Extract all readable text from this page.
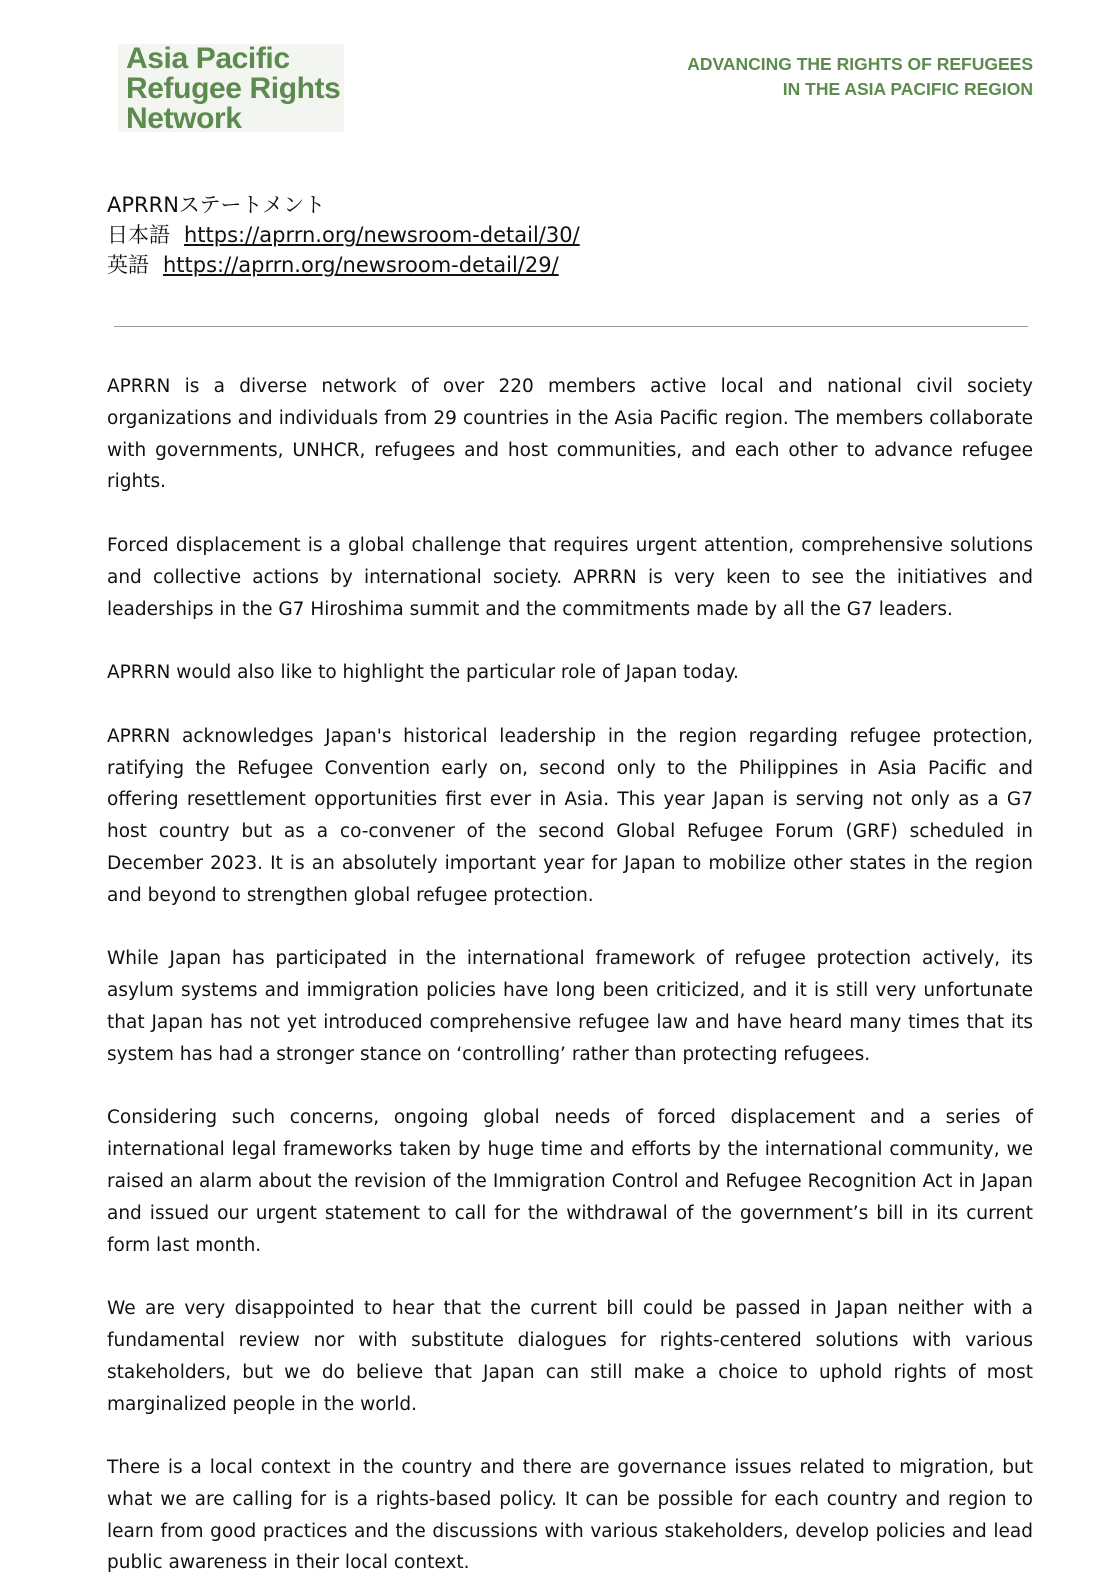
Asia Pacific
Refugee Rights
Network
ADVANCING THE RIGHTS OF REFUGEES
IN THE ASIA PACIFIC REGION
APRRNステートメント
日本語 https://aprrn.org/newsroom-detail/30/
英語 https://aprrn.org/newsroom-detail/29/

APRRN is a diverse network of over 220 members active local and national civil society organizations and individuals from 29 countries in the Asia Pacific region. The members collaborate with governments, UNHCR, refugees and host communities, and each other to advance refugee rights.

Forced displacement is a global challenge that requires urgent attention, comprehensive solutions and collective actions by international society. APRRN is very keen to see the initiatives and leaderships in the G7 Hiroshima summit and the commitments made by all the G7 leaders.

APRRN would also like to highlight the particular role of Japan today.

APRRN acknowledges Japan's historical leadership in the region regarding refugee protection, ratifying the Refugee Convention early on, second only to the Philippines in Asia Pacific and offering resettlement opportunities first ever in Asia. This year Japan is serving not only as a G7 host country but as a co-convener of the second Global Refugee Forum (GRF) scheduled in December 2023. It is an absolutely important year for Japan to mobilize other states in the region and beyond to strengthen global refugee protection.

While Japan has participated in the international framework of refugee protection actively, its asylum systems and immigration policies have long been criticized, and it is still very unfortunate that Japan has not yet introduced comprehensive refugee law and have heard many times that its system has had a stronger stance on ‘controlling’ rather than protecting refugees.

Considering such concerns, ongoing global needs of forced displacement and a series of international legal frameworks taken by huge time and efforts by the international community, we raised an alarm about the revision of the Immigration Control and Refugee Recognition Act in Japan and issued our urgent statement to call for the withdrawal of the government’s bill in its current form last month.

We are very disappointed to hear that the current bill could be passed in Japan neither with a fundamental review nor with substitute dialogues for rights-centered solutions with various stakeholders, but we do believe that Japan can still make a choice to uphold rights of most marginalized people in the world.

There is a local context in the country and there are governance issues related to migration, but what we are calling for is a rights-based policy. It can be possible for each country and region to learn from good practices and the discussions with various stakeholders, develop policies and lead public awareness in their local context.
